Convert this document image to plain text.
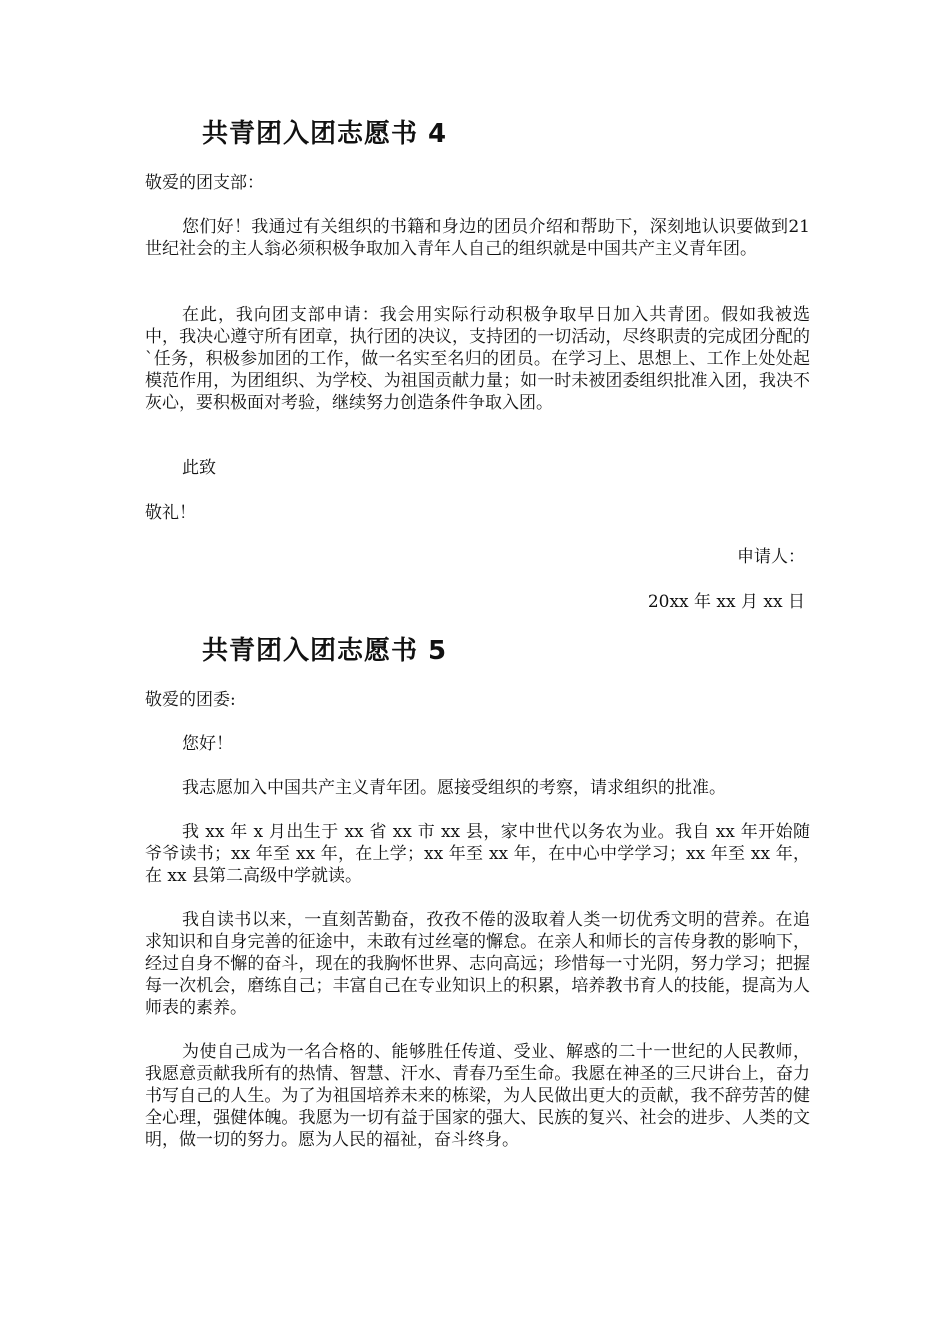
共青团入团志愿书 4

敬爱的团支部：

您们好！我通过有关组织的书籍和身边的团员介绍和帮助下，深刻地认识要做到21世纪社会的主人翁必须积极争取加入青年人自己的组织就是中国共产主义青年团。

在此，我向团支部申请：我会用实际行动积极争取早日加入共青团。假如我被选中，我决心遵守所有团章，执行团的决议，支持团的一切活动，尽终职责的完成团分配的`任务，积极参加团的工作，做一名实至名归的团员。在学习上、思想上、工作上处处起模范作用，为团组织、为学校、为祖国贡献力量；如一时未被团委组织批准入团，我决不灰心，要积极面对考验，继续努力创造条件争取入团。

此致

敬礼！

申请人：
20xx 年 xx 月 xx 日
共青团入团志愿书 5

敬爱的团委:

您好！

我志愿加入中国共产主义青年团。愿接受组织的考察，请求组织的批准。

我 xx 年 x 月出生于 xx 省 xx 市 xx 县，家中世代以务农为业。我自 xx 年开始随爷爷读书；xx 年至 xx 年，在上学；xx 年至 xx 年，在中心中学学习；xx 年至 xx 年，在 xx 县第二高级中学就读。

我自读书以来，一直刻苦勤奋，孜孜不倦的汲取着人类一切优秀文明的营养。在追求知识和自身完善的征途中，未敢有过丝毫的懈怠。在亲人和师长的言传身教的影响下，经过自身不懈的奋斗，现在的我胸怀世界、志向高远；珍惜每一寸光阴，努力学习；把握每一次机会，磨练自己；丰富自己在专业知识上的积累，培养教书育人的技能，提高为人师表的素养。

为使自己成为一名合格的、能够胜任传道、受业、解惑的二十一世纪的人民教师，我愿意贡献我所有的热情、智慧、汗水、青春乃至生命。我愿在神圣的三尺讲台上，奋力书写自己的人生。为了为祖国培养未来的栋梁，为人民做出更大的贡献，我不辞劳苦的健全心理，强健体魄。我愿为一切有益于国家的强大、民族的复兴、社会的进步、人类的文明，做一切的努力。愿为人民的福祉，奋斗终身。
